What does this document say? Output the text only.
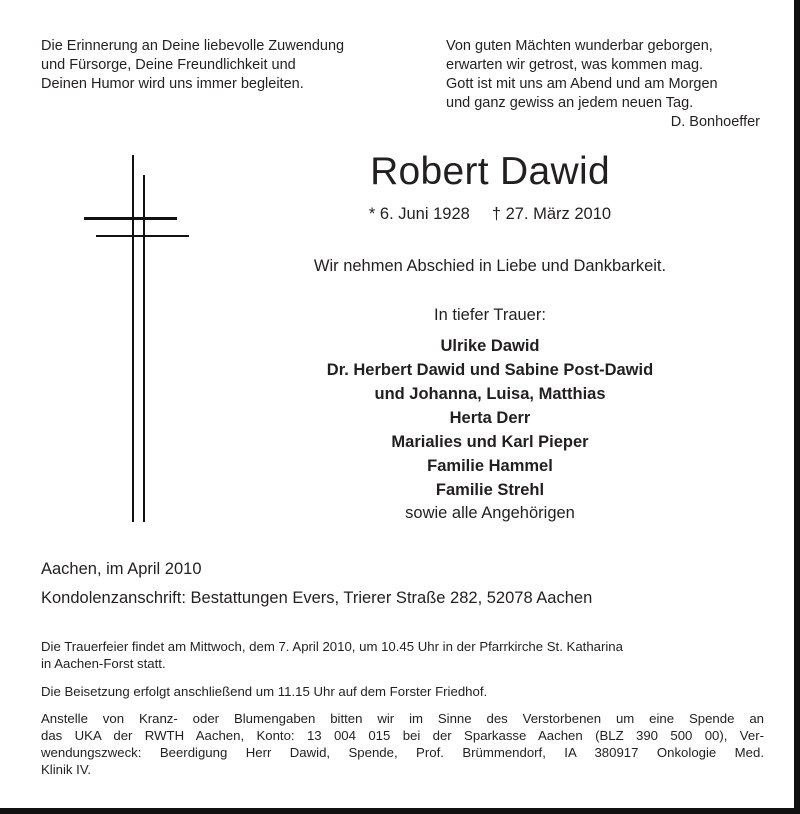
Die Erinnerung an Deine liebevolle Zuwendung
und Fürsorge, Deine Freundlichkeit und
Deinen Humor wird uns immer begleiten.
Von guten Mächten wunderbar geborgen,
erwarten wir getrost, was kommen mag.
Gott ist mit uns am Abend und am Morgen
und ganz gewiss an jedem neuen Tag.
D. Bonhoeffer
Robert Dawid
* 6. Juni 1928 † 27. März 2010
Wir nehmen Abschied in Liebe und Dankbarkeit.
In tiefer Trauer:
Ulrike Dawid
Dr. Herbert Dawid und Sabine Post-Dawid
und Johanna, Luisa, Matthias
Herta Derr
Marialies und Karl Pieper
Familie Hammel
Familie Strehl
sowie alle Angehörigen
Aachen, im April 2010
Kondolenzanschrift: Bestattungen Evers, Trierer Straße 282, 52078 Aachen
Die Trauerfeier findet am Mittwoch, dem 7. April 2010, um 10.45 Uhr in der Pfarrkirche St. Katharina
in Aachen-Forst statt.
Die Beisetzung erfolgt anschließend um 11.15 Uhr auf dem Forster Friedhof.
Anstelle von Kranz- oder Blumengaben bitten wir im Sinne des Verstorbenen um eine Spende an
das UKA der RWTH Aachen, Konto: 13 004 015 bei der Sparkasse Aachen (BLZ 390 500 00), Ver-
wendungszweck: Beerdigung Herr Dawid, Spende, Prof. Brümmendorf, IA 380917 Onkologie Med.
Klinik IV.
